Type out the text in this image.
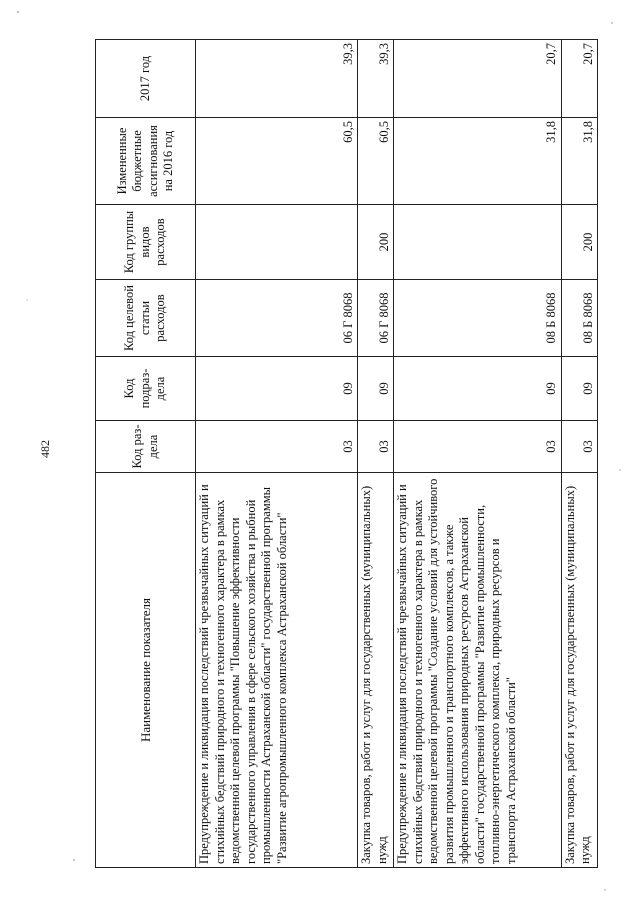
482
Наименование показателя	Код раз-дела	Код подраз-дела	Код целевой статьи расходов	Код группы видов расходов	Измененные бюджетные ассигнования на 2016 год	2017 год
Предупреждение и ликвидация последствий чрезвычайных ситуаций и стихийных бедствий природного и техногенного характера в рамках ведомственной целевой программы "Повышение эффективности государственного управления в сфере сельского хозяйства и рыбной промышленности Астраханской области" государственной программы "Развитие агропромышленного комплекса Астраханской области"	03	09	06 Г 8068		60,5	39,3
Закупка товаров, работ и услуг для государственных (муниципальных) нужд	03	09	06 Г 8068	200	60,5	39,3
Предупреждение и ликвидация последствий чрезвычайных ситуаций и стихийных бедствий природного и техногенного характера в рамках ведомственной целевой программы "Создание условий для устойчивого развития промышленного и транспортного комплексов, а также эффективного использования природных ресурсов Астраханской области" государственной программы "Развитие промышленности, топливно-энергетического комплекса, природных ресурсов и транспорта Астраханской области"	03	09	08 Б 8068		31,8	20,7
Закупка товаров, работ и услуг для государственных (муниципальных) нужд	03	09	08 Б 8068	200	31,8	20,7
